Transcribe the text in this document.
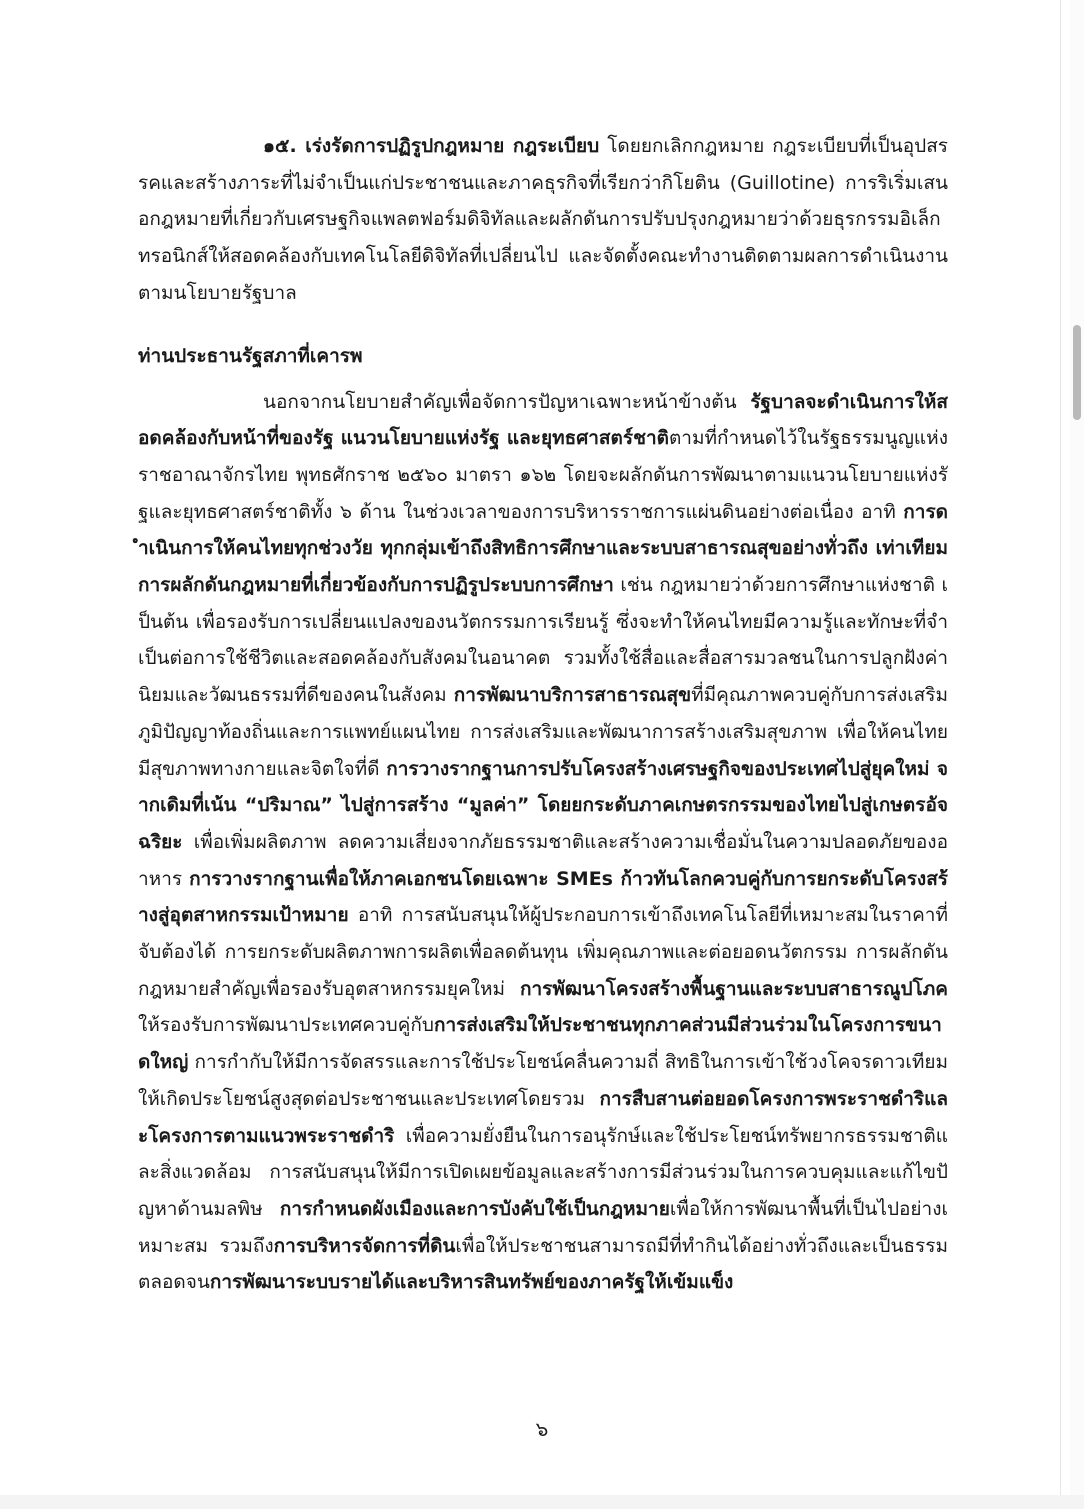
๑๕. เร่งรัดการปฏิรูปกฎหมาย กฎระเบียบ โดยยกเลิกกฎหมาย กฎระเบียบที่เป็นอุปสรรคและสร้างภาระที่ไม่จำเป็นแก่ประชาชนและภาคธุรกิจที่เรียกว่ากิโยติน (Guillotine) การริเริ่มเสนอกฎหมายที่เกี่ยวกับเศรษฐกิจแพลตฟอร์มดิจิทัลและผลักดันการปรับปรุงกฎหมายว่าด้วยธุรกรรมอิเล็กทรอนิกส์ให้สอดคล้องกับเทคโนโลยีดิจิทัลที่เปลี่ยนไป และจัดตั้งคณะทำงานติดตามผลการดำเนินงานตามนโยบายรัฐบาล

ท่านประธานรัฐสภาที่เคารพ

นอกจากนโยบายสำคัญเพื่อจัดการปัญหาเฉพาะหน้าข้างต้น รัฐบาลจะดำเนินการให้สอดคล้องกับหน้าที่ของรัฐ แนวนโยบายแห่งรัฐ และยุทธศาสตร์ชาติตามที่กำหนดไว้ในรัฐธรรมนูญแห่งราชอาณาจักรไทย พุทธศักราช ๒๕๖๐ มาตรา ๑๖๒ โดยจะผลักดันการพัฒนาตามแนวนโยบายแห่งรัฐและยุทธศาสตร์ชาติทั้ง ๖ ด้าน ในช่วงเวลาของการบริหารราชการแผ่นดินอย่างต่อเนื่อง อาทิ การดำเนินการให้คนไทยทุกช่วงวัย ทุกกลุ่มเข้าถึงสิทธิการศึกษาและระบบสาธารณสุขอย่างทั่วถึง เท่าเทียม การผลักดันกฎหมายที่เกี่ยวข้องกับการปฏิรูประบบการศึกษา เช่น กฎหมายว่าด้วยการศึกษาแห่งชาติ เป็นต้น เพื่อรองรับการเปลี่ยนแปลงของนวัตกรรมการเรียนรู้ ซึ่งจะทำให้คนไทยมีความรู้และทักษะที่จำเป็นต่อการใช้ชีวิตและสอดคล้องกับสังคมในอนาคต รวมทั้งใช้สื่อและสื่อสารมวลชนในการปลูกฝังค่านิยมและวัฒนธรรมที่ดีของคนในสังคม การพัฒนาบริการสาธารณสุขที่มีคุณภาพควบคู่กับการส่งเสริมภูมิปัญญาท้องถิ่นและการแพทย์แผนไทย การส่งเสริมและพัฒนาการสร้างเสริมสุขภาพ เพื่อให้คนไทยมีสุขภาพทางกายและจิตใจที่ดี การวางรากฐานการปรับโครงสร้างเศรษฐกิจของประเทศไปสู่ยุคใหม่ จากเดิมที่เน้น “ปริมาณ” ไปสู่การสร้าง “มูลค่า” โดยยกระดับภาคเกษตรกรรมของไทยไปสู่เกษตรอัจฉริยะ เพื่อเพิ่มผลิตภาพ ลดความเสี่ยงจากภัยธรรมชาติและสร้างความเชื่อมั่นในความปลอดภัยของอาหาร การวางรากฐานเพื่อให้ภาคเอกชนโดยเฉพาะ SMEs ก้าวทันโลกควบคู่กับการยกระดับโครงสร้างสู่อุตสาหกรรมเป้าหมาย อาทิ การสนับสนุนให้ผู้ประกอบการเข้าถึงเทคโนโลยีที่เหมาะสมในราคาที่จับต้องได้ การยกระดับผลิตภาพการผลิตเพื่อลดต้นทุน เพิ่มคุณภาพและต่อยอดนวัตกรรม การผลักดันกฎหมายสำคัญเพื่อรองรับอุตสาหกรรมยุคใหม่ การพัฒนาโครงสร้างพื้นฐานและระบบสาธารณูปโภคให้รองรับการพัฒนาประเทศควบคู่กับการส่งเสริมให้ประชาชนทุกภาคส่วนมีส่วนร่วมในโครงการขนาดใหญ่ การกำกับให้มีการจัดสรรและการใช้ประโยชน์คลื่นความถี่ สิทธิในการเข้าใช้วงโคจรดาวเทียมให้เกิดประโยชน์สูงสุดต่อประชาชนและประเทศโดยรวม การสืบสานต่อยอดโครงการพระราชดำริและโครงการตามแนวพระราชดำริ เพื่อความยั่งยืนในการอนุรักษ์และใช้ประโยชน์ทรัพยากรธรรมชาติและสิ่งแวดล้อม การสนับสนุนให้มีการเปิดเผยข้อมูลและสร้างการมีส่วนร่วมในการควบคุมและแก้ไขปัญหาด้านมลพิษ การกำหนดผังเมืองและการบังคับใช้เป็นกฎหมายเพื่อให้การพัฒนาพื้นที่เป็นไปอย่างเหมาะสม รวมถึงการบริหารจัดการที่ดินเพื่อให้ประชาชนสามารถมีที่ทำกินได้อย่างทั่วถึงและเป็นธรรม ตลอดจนการพัฒนาระบบรายได้และบริหารสินทรัพย์ของภาครัฐให้เข้มแข็ง

๖
